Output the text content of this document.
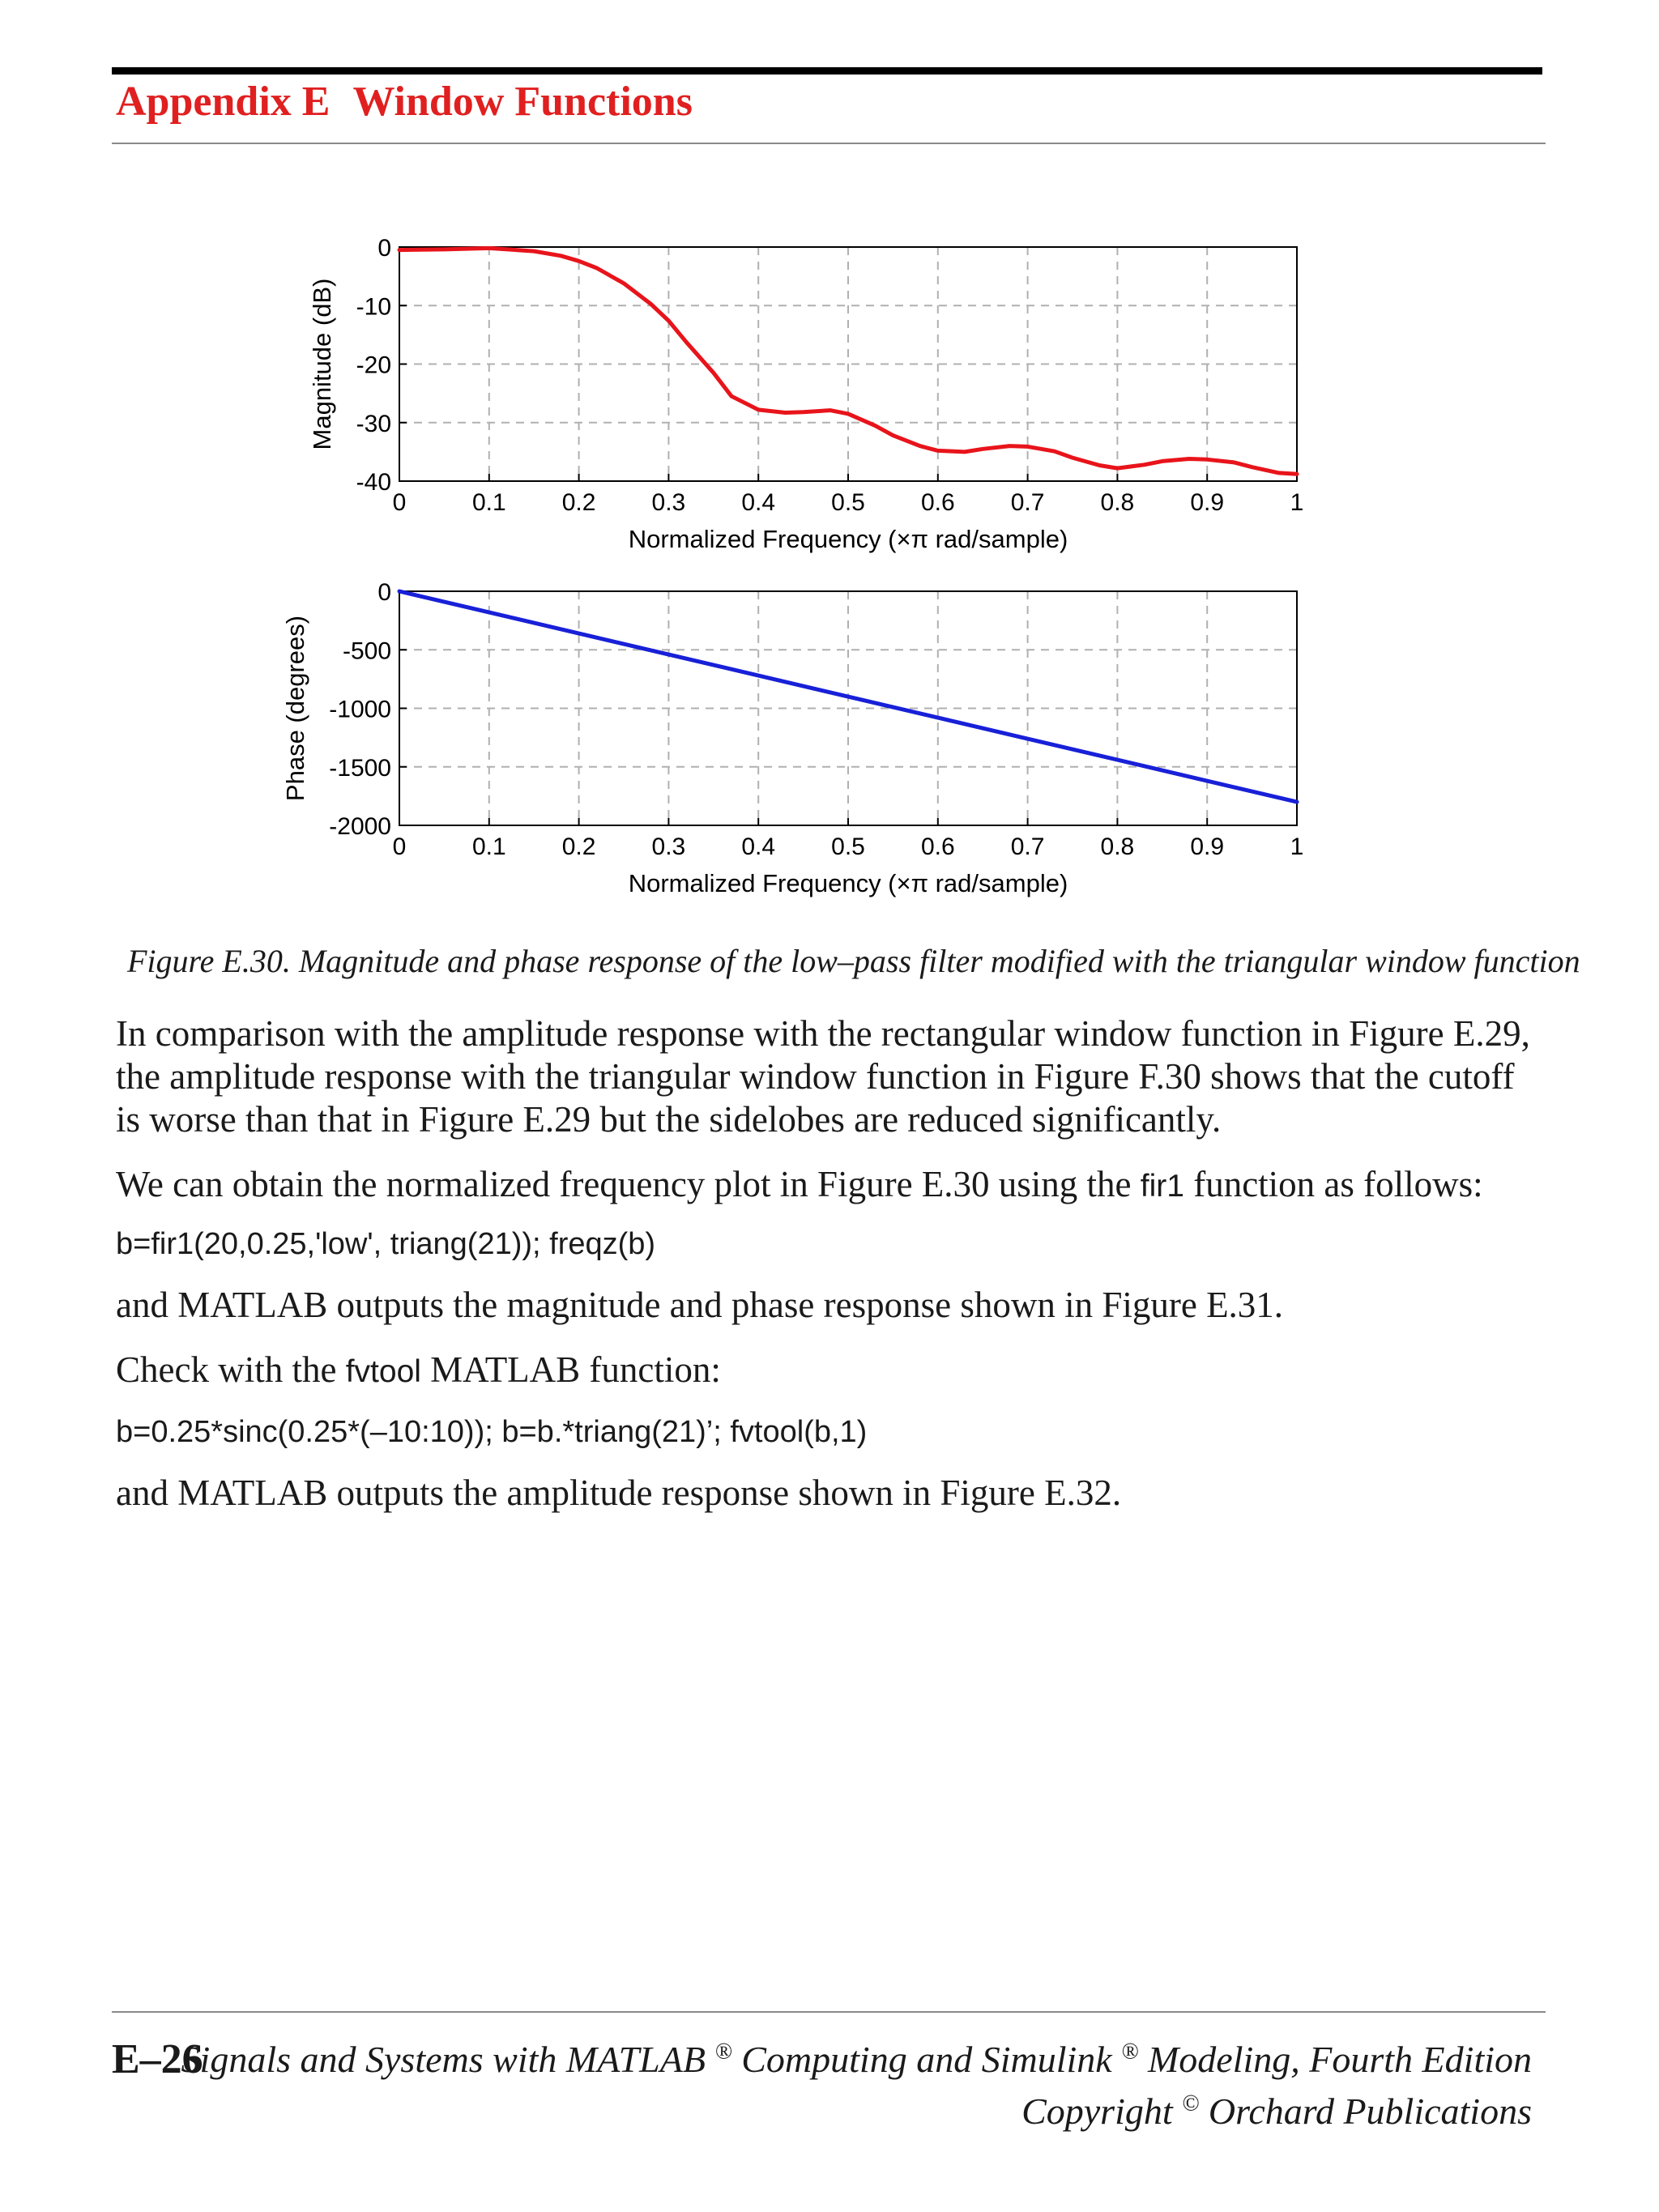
Appendix E Window Functions
0	0.1 0.2 0.3 0.4 0.5 0.6 0.7 0.8 0.9	1
0
-10
-20
-30
-40
Normalized Frequency (×π rad/sample)
Magnitude (dB)
0	0.1 0.2 0.3 0.4 0.5 0.6 0.7 0.8 0.9	1
0
-500
-1000
-1500
-2000
Normalized Frequency (×π rad/sample)
Phase (degrees)
Figure E.30. Magnitude and phase response of the low–pass filter modified with the triangular window function
In comparison with the amplitude response with the rectangular window function in Figure E.29, the amplitude response with the triangular window function in Figure F.30 shows that the cutoff is worse than that in Figure E.29 but the sidelobes are reduced significantly.
We can obtain the normalized frequency plot in Figure E.30 using the fir1 function as follows:
b=fir1(20,0.25,'low', triang(21)); freqz(b)
and MATLAB outputs the magnitude and phase response shown in Figure E.31.
Check with the fvtool MATLAB function:
b=0.25*sinc(0.25*(–10:10)); b=b.*triang(21)’; fvtool(b,1)
and MATLAB outputs the amplitude response shown in Figure E.32.
E–26
Signals and Systems with MATLAB ® Computing and Simulink ® Modeling, Fourth Edition
Copyright © Orchard Publications
